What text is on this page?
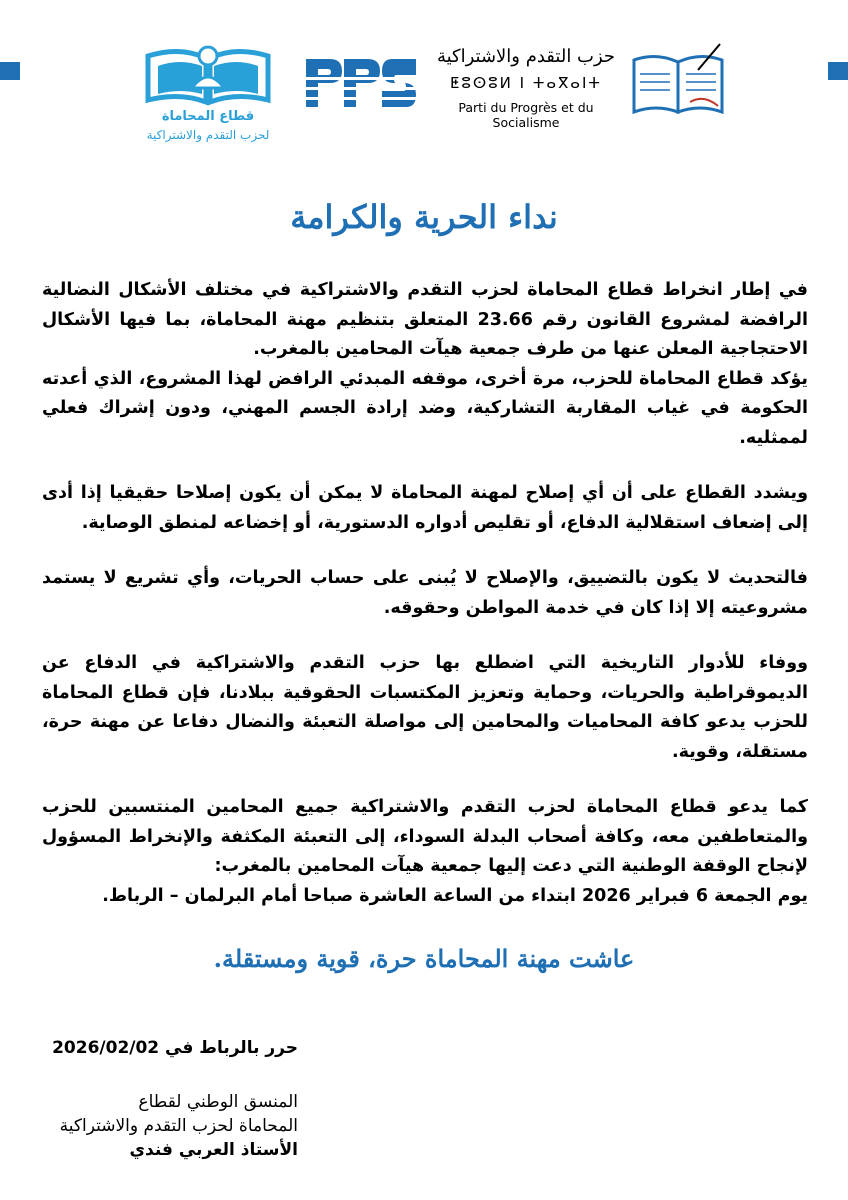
قطاع المحاماة
لحزب التقدم والاشتراكية
حزب التقدم والاشتراكية
ⵟⵓⵙⵓⵍ ⵏ ⵜⴰⴳⴰⵏⵜ
Parti du Progrès et du Socialisme
نداء الحرية والكرامة

في إطار انخراط قطاع المحاماة لحزب التقدم والاشتراكية في مختلف الأشكال النضالية الرافضة لمشروع القانون رقم 23.66 المتعلق بتنظيم مهنة المحاماة، بما فيها الأشكال الاحتجاجية المعلن عنها من طرف جمعية هيآت المحامين بالمغرب.

يؤكد قطاع المحاماة للحزب، مرة أخرى، موقفه المبدئي الرافض لهذا المشروع، الذي أعدته الحكومة في غياب المقاربة التشاركية، وضد إرادة الجسم المهني، ودون إشراك فعلي لممثليه.

ويشدد القطاع على أن أي إصلاح لمهنة المحاماة لا يمكن أن يكون إصلاحا حقيقيا إذا أدى إلى إضعاف استقلالية الدفاع، أو تقليص أدواره الدستورية، أو إخضاعه لمنطق الوصاية.

فالتحديث لا يكون بالتضييق، والإصلاح لا يُبنى على حساب الحريات، وأي تشريع لا يستمد مشروعيته إلا إذا كان في خدمة المواطن وحقوقه.

ووفاء للأدوار التاريخية التي اضطلع بها حزب التقدم والاشتراكية في الدفاع عن الديموقراطية والحريات، وحماية وتعزيز المكتسبات الحقوقية ببلادنا، فإن قطاع المحاماة للحزب يدعو كافة المحاميات والمحامين إلى مواصلة التعبئة والنضال دفاعا عن مهنة حرة، مستقلة، وقوية.

كما يدعو قطاع المحاماة لحزب التقدم والاشتراكية جميع المحامين المنتسبين للحزب والمتعاطفين معه، وكافة أصحاب البدلة السوداء، إلى التعبئة المكثفة والإنخراط المسؤول لإنجاح الوقفة الوطنية التي دعت إليها جمعية هيآت المحامين بالمغرب:

يوم الجمعة 6 فبراير 2026 ابتداء من الساعة العاشرة صباحا أمام البرلمان – الرباط.

عاشت مهنة المحاماة حرة، قوية ومستقلة.
حرر بالرباط في 2026/02/02
المنسق الوطني لقطاع
المحاماة لحزب التقدم والاشتراكية
الأستاذ العربي فندي
